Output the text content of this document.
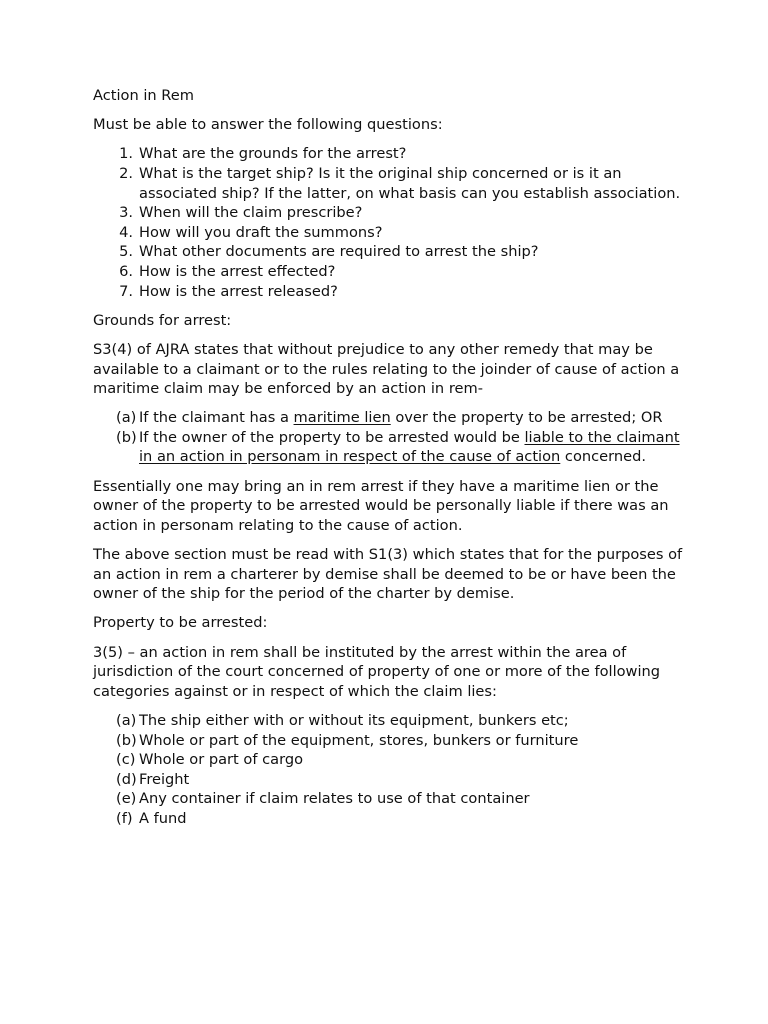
Action in Rem

Must be able to answer the following questions:

1. What are the grounds for the arrest?
2. What is the target ship? Is it the original ship concerned or is it an associated ship? If the latter, on what basis can you establish association.
3. When will the claim prescribe?
4. How will you draft the summons?
5. What other documents are required to arrest the ship?
6. How is the arrest effected?
7. How is the arrest released?

Grounds for arrest:

S3(4) of AJRA states that without prejudice to any other remedy that may be available to a claimant or to the rules relating to the joinder of cause of action a maritime claim may be enforced by an action in rem-

(a) If the claimant has a maritime lien over the property to be arrested; OR
(b) If the owner of the property to be arrested would be liable to the claimant in an action in personam in respect of the cause of action concerned.

Essentially one may bring an in rem arrest if they have a maritime lien or the owner of the property to be arrested would be personally liable if there was an action in personam relating to the cause of action.

The above section must be read with S1(3) which states that for the purposes of an action in rem a charterer by demise shall be deemed to be or have been the owner of the ship for the period of the charter by demise.

Property to be arrested:

3(5) – an action in rem shall be instituted by the arrest within the area of jurisdiction of the court concerned of property of one or more of the following categories against or in respect of which the claim lies:

(a) The ship either with or without its equipment, bunkers etc;
(b) Whole or part of the equipment, stores, bunkers or furniture
(c) Whole or part of cargo
(d) Freight
(e) Any container if claim relates to use of that container
(f) A fund
